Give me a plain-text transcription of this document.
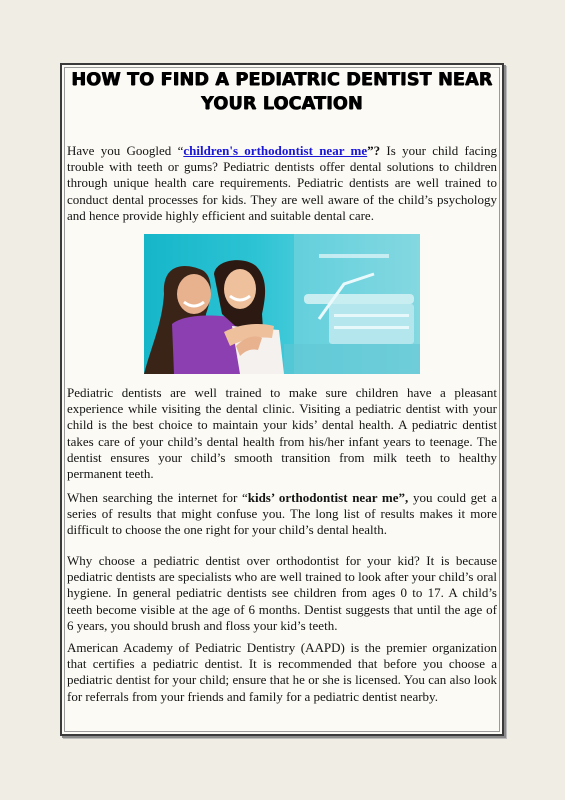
HOW TO FIND A PEDIATRIC DENTIST NEAR YOUR LOCATION

Have you Googled “children's orthodontist near me”? Is your child facing trouble with teeth or gums? Pediatric dentists offer dental solutions to children through unique health care requirements. Pediatric dentists are well trained to conduct dental processes for kids. They are well aware of the child’s psychology and hence provide highly efficient and suitable dental care.

Pediatric dentists are well trained to make sure children have a pleasant experience while visiting the dental clinic. Visiting a pediatric dentist with your child is the best choice to maintain your kids’ dental health. A pediatric dentist takes care of your child’s dental health from his/her infant years to teenage. The dentist ensures your child’s smooth transition from milk teeth to healthy permanent teeth.

When searching the internet for “kids’ orthodontist near me”, you could get a series of results that might confuse you. The long list of results makes it more difficult to choose the one right for your child’s dental health.

Why choose a pediatric dentist over orthodontist for your kid? It is because pediatric dentists are specialists who are well trained to look after your child’s oral hygiene. In general pediatric dentists see children from ages 0 to 17. A child’s teeth become visible at the age of 6 months. Dentist suggests that until the age of 6 years, you should brush and floss your kid’s teeth.

American Academy of Pediatric Dentistry (AAPD) is the premier organization that certifies a pediatric dentist. It is recommended that before you choose a pediatric dentist for your child; ensure that he or she is licensed. You can also look for referrals from your friends and family for a pediatric dentist nearby.
